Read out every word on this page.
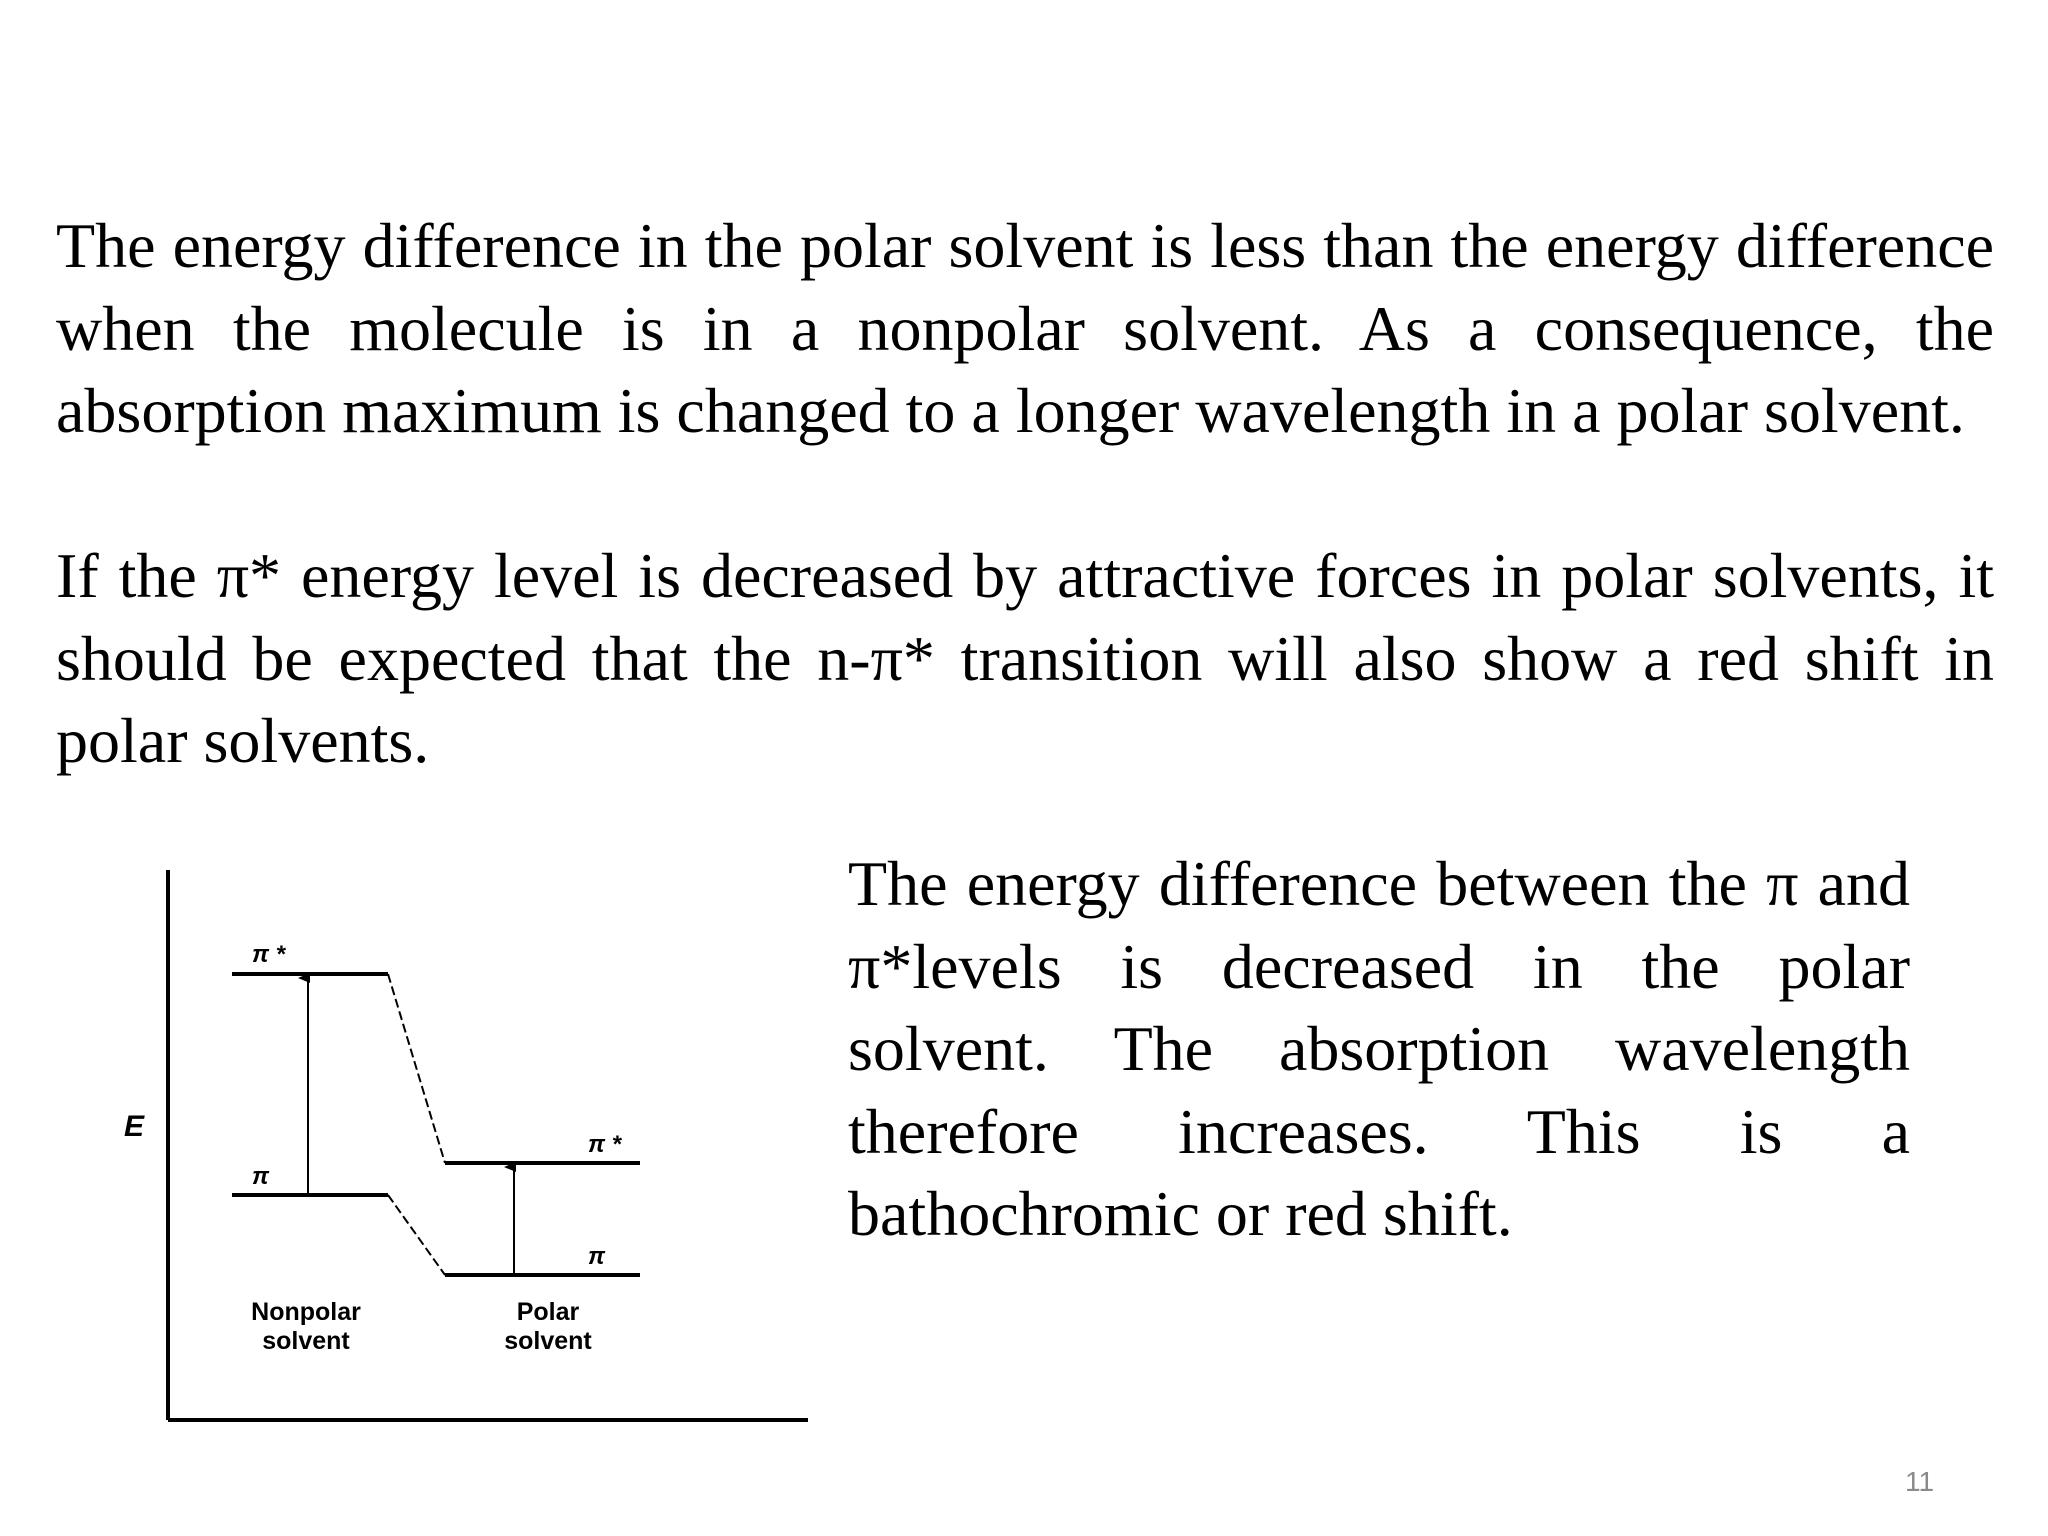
The energy difference in the polar solvent is less than the energy difference when the molecule is in a nonpolar solvent. As a consequence, the absorption maximum is changed to a longer wavelength in a polar solvent.

If the π* energy level is decreased by attractive forces in polar solvents, it should be expected that the n-π* transition will also show a red shift in polar solvents.

E
π *
π
π *
π
Nonpolar
solvent
Polar
solvent

The energy difference between the π and π*levels is decreased in the polar solvent. The absorption wavelength therefore increases. This is a bathochromic or red shift.

11
